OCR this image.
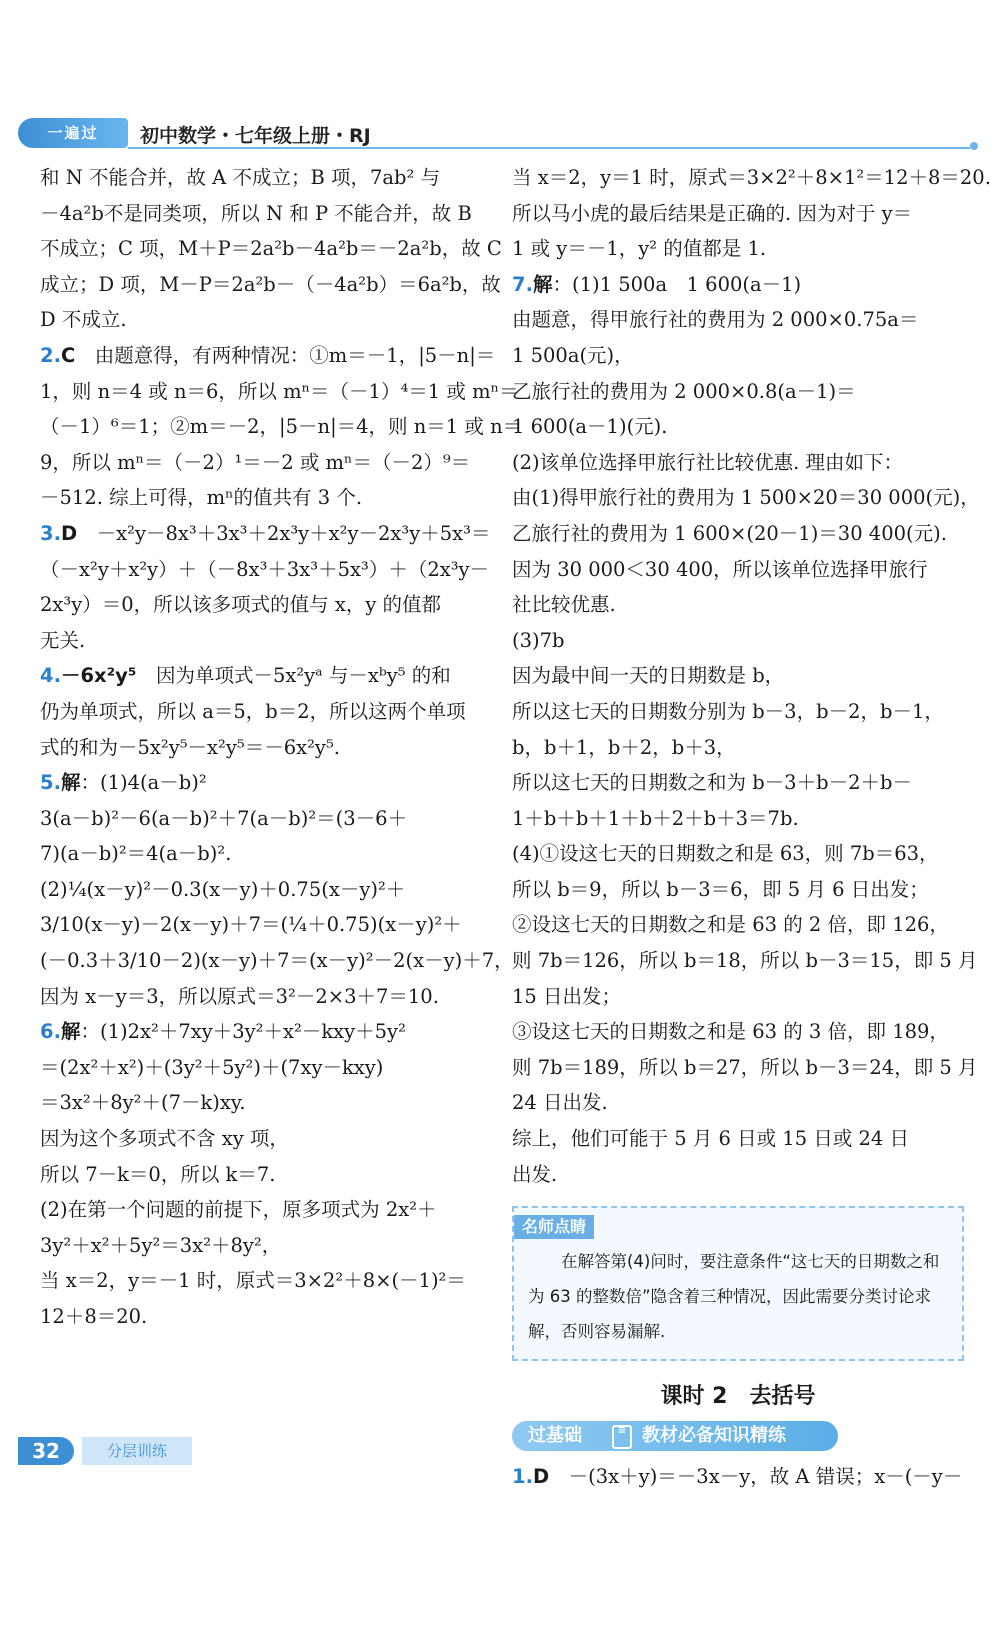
一遍过	初中数学・七年级上册・RJ

和 N 不能合并，故 A 不成立；B 项，7ab² 与

－4a²b不是同类项，所以 N 和 P 不能合并，故 B

不成立；C 项，M＋P＝2a²b－4a²b＝－2a²b，故 C

成立；D 项，M－P＝2a²b－（－4a²b）＝6a²b，故

D 不成立.

2.C　由题意得，有两种情况：①m＝－1，|5－n|＝

1，则 n＝4 或 n＝6，所以 mⁿ＝（－1）⁴＝1 或 mⁿ＝

（－1）⁶＝1；②m＝－2，|5－n|＝4，则 n＝1 或 n＝

9，所以 mⁿ＝（－2）¹＝－2 或 mⁿ＝（－2）⁹＝

－512. 综上可得，mⁿ的值共有 3 个.

3.D　－x²y－8x³＋3x³＋2x³y＋x²y－2x³y＋5x³＝

（－x²y＋x²y）＋（－8x³＋3x³＋5x³）＋（2x³y－

2x³y）＝0，所以该多项式的值与 x，y 的值都

无关.

4.－6x²y⁵　因为单项式－5x²yᵃ 与－xᵇy⁵ 的和

仍为单项式，所以 a＝5，b＝2，所以这两个单项

式的和为－5x²y⁵－x²y⁵＝－6x²y⁵.

5.解：(1)4(a－b)²

3(a－b)²－6(a－b)²＋7(a－b)²＝(3－6＋

7)(a－b)²＝4(a－b)².

(2)¼(x－y)²－0.3(x－y)＋0.75(x－y)²＋

3/10(x－y)－2(x－y)＋7＝(¼＋0.75)(x－y)²＋

(－0.3＋3/10－2)(x－y)＋7＝(x－y)²－2(x－y)＋7，

因为 x－y＝3，所以原式＝3²－2×3＋7＝10.

6.解：(1)2x²＋7xy＋3y²＋x²－kxy＋5y²

＝(2x²＋x²)＋(3y²＋5y²)＋(7xy－kxy)

＝3x²＋8y²＋(7－k)xy.

因为这个多项式不含 xy 项，

所以 7－k＝0，所以 k＝7.

(2)在第一个问题的前提下，原多项式为 2x²＋

3y²＋x²＋5y²＝3x²＋8y²，

当 x＝2，y＝－1 时，原式＝3×2²＋8×(－1)²＝

12＋8＝20.

当 x＝2，y＝1 时，原式＝3×2²＋8×1²＝12＋8＝20.

所以马小虎的最后结果是正确的. 因为对于 y＝

1 或 y＝－1，y² 的值都是 1.

7.解：(1)1 500a　1 600(a－1)

由题意，得甲旅行社的费用为 2 000×0.75a＝

1 500a(元)，

乙旅行社的费用为 2 000×0.8(a－1)＝

1 600(a－1)(元).

(2)该单位选择甲旅行社比较优惠. 理由如下：

由(1)得甲旅行社的费用为 1 500×20＝30 000(元)，

乙旅行社的费用为 1 600×(20－1)＝30 400(元).

因为 30 000＜30 400，所以该单位选择甲旅行

社比较优惠.

(3)7b

因为最中间一天的日期数是 b，

所以这七天的日期数分别为 b－3，b－2，b－1，

b，b＋1，b＋2，b＋3，

所以这七天的日期数之和为 b－3＋b－2＋b－

1＋b＋b＋1＋b＋2＋b＋3＝7b.

(4)①设这七天的日期数之和是 63，则 7b＝63，

所以 b＝9，所以 b－3＝6，即 5 月 6 日出发；

②设这七天的日期数之和是 63 的 2 倍，即 126，

则 7b＝126，所以 b＝18，所以 b－3＝15，即 5 月

15 日出发；

③设这七天的日期数之和是 63 的 3 倍，即 189，

则 7b＝189，所以 b＝27，所以 b－3＝24，即 5 月

24 日出发.

综上，他们可能于 5 月 6 日或 15 日或 24 日

出发.

名师点睛

在解答第(4)问时，要注意条件“这七天的日期数之和为 63 的整数倍”隐含着三种情况，因此需要分类讨论求解，否则容易漏解.

课时 2　去括号
过基础	≡ 教材必备知识精练

1.D　－(3x＋y)＝－3x－y，故 A 错误；x－(－y－

32	分层训练
